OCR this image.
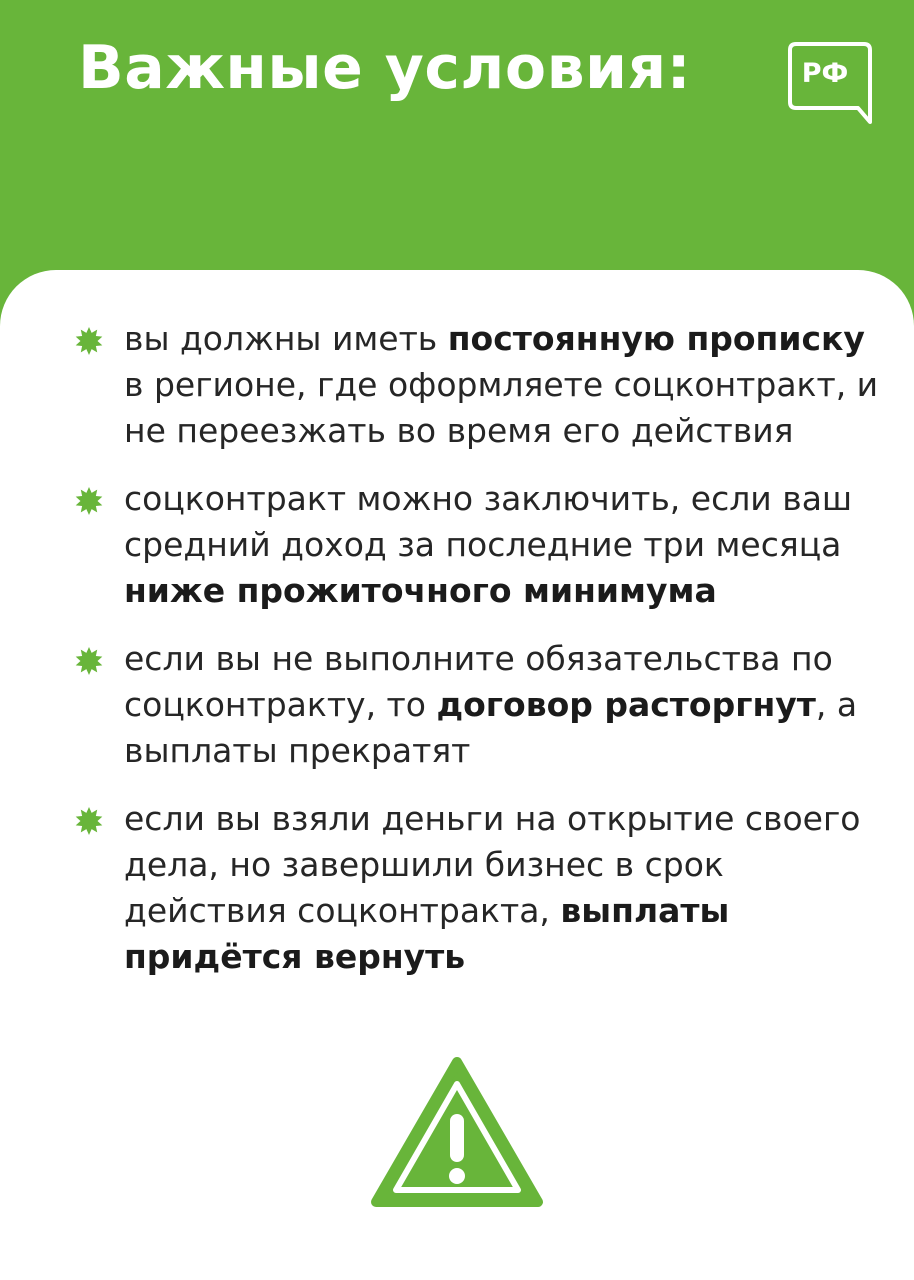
Важные условия:	РФ
вы должны иметь постоянную прописку в регионе, где оформляете соцконтракт, и не переезжать во время его действия
соцконтракт можно заключить, если ваш средний доход за последние три месяца ниже прожиточного минимума
если вы не выполните обязательства по соцконтракту, то договор расторгнут, а выплаты прекратят
если вы взяли деньги на открытие своего дела, но завершили бизнес в срок действия соцконтракта, выплаты придётся вернуть
